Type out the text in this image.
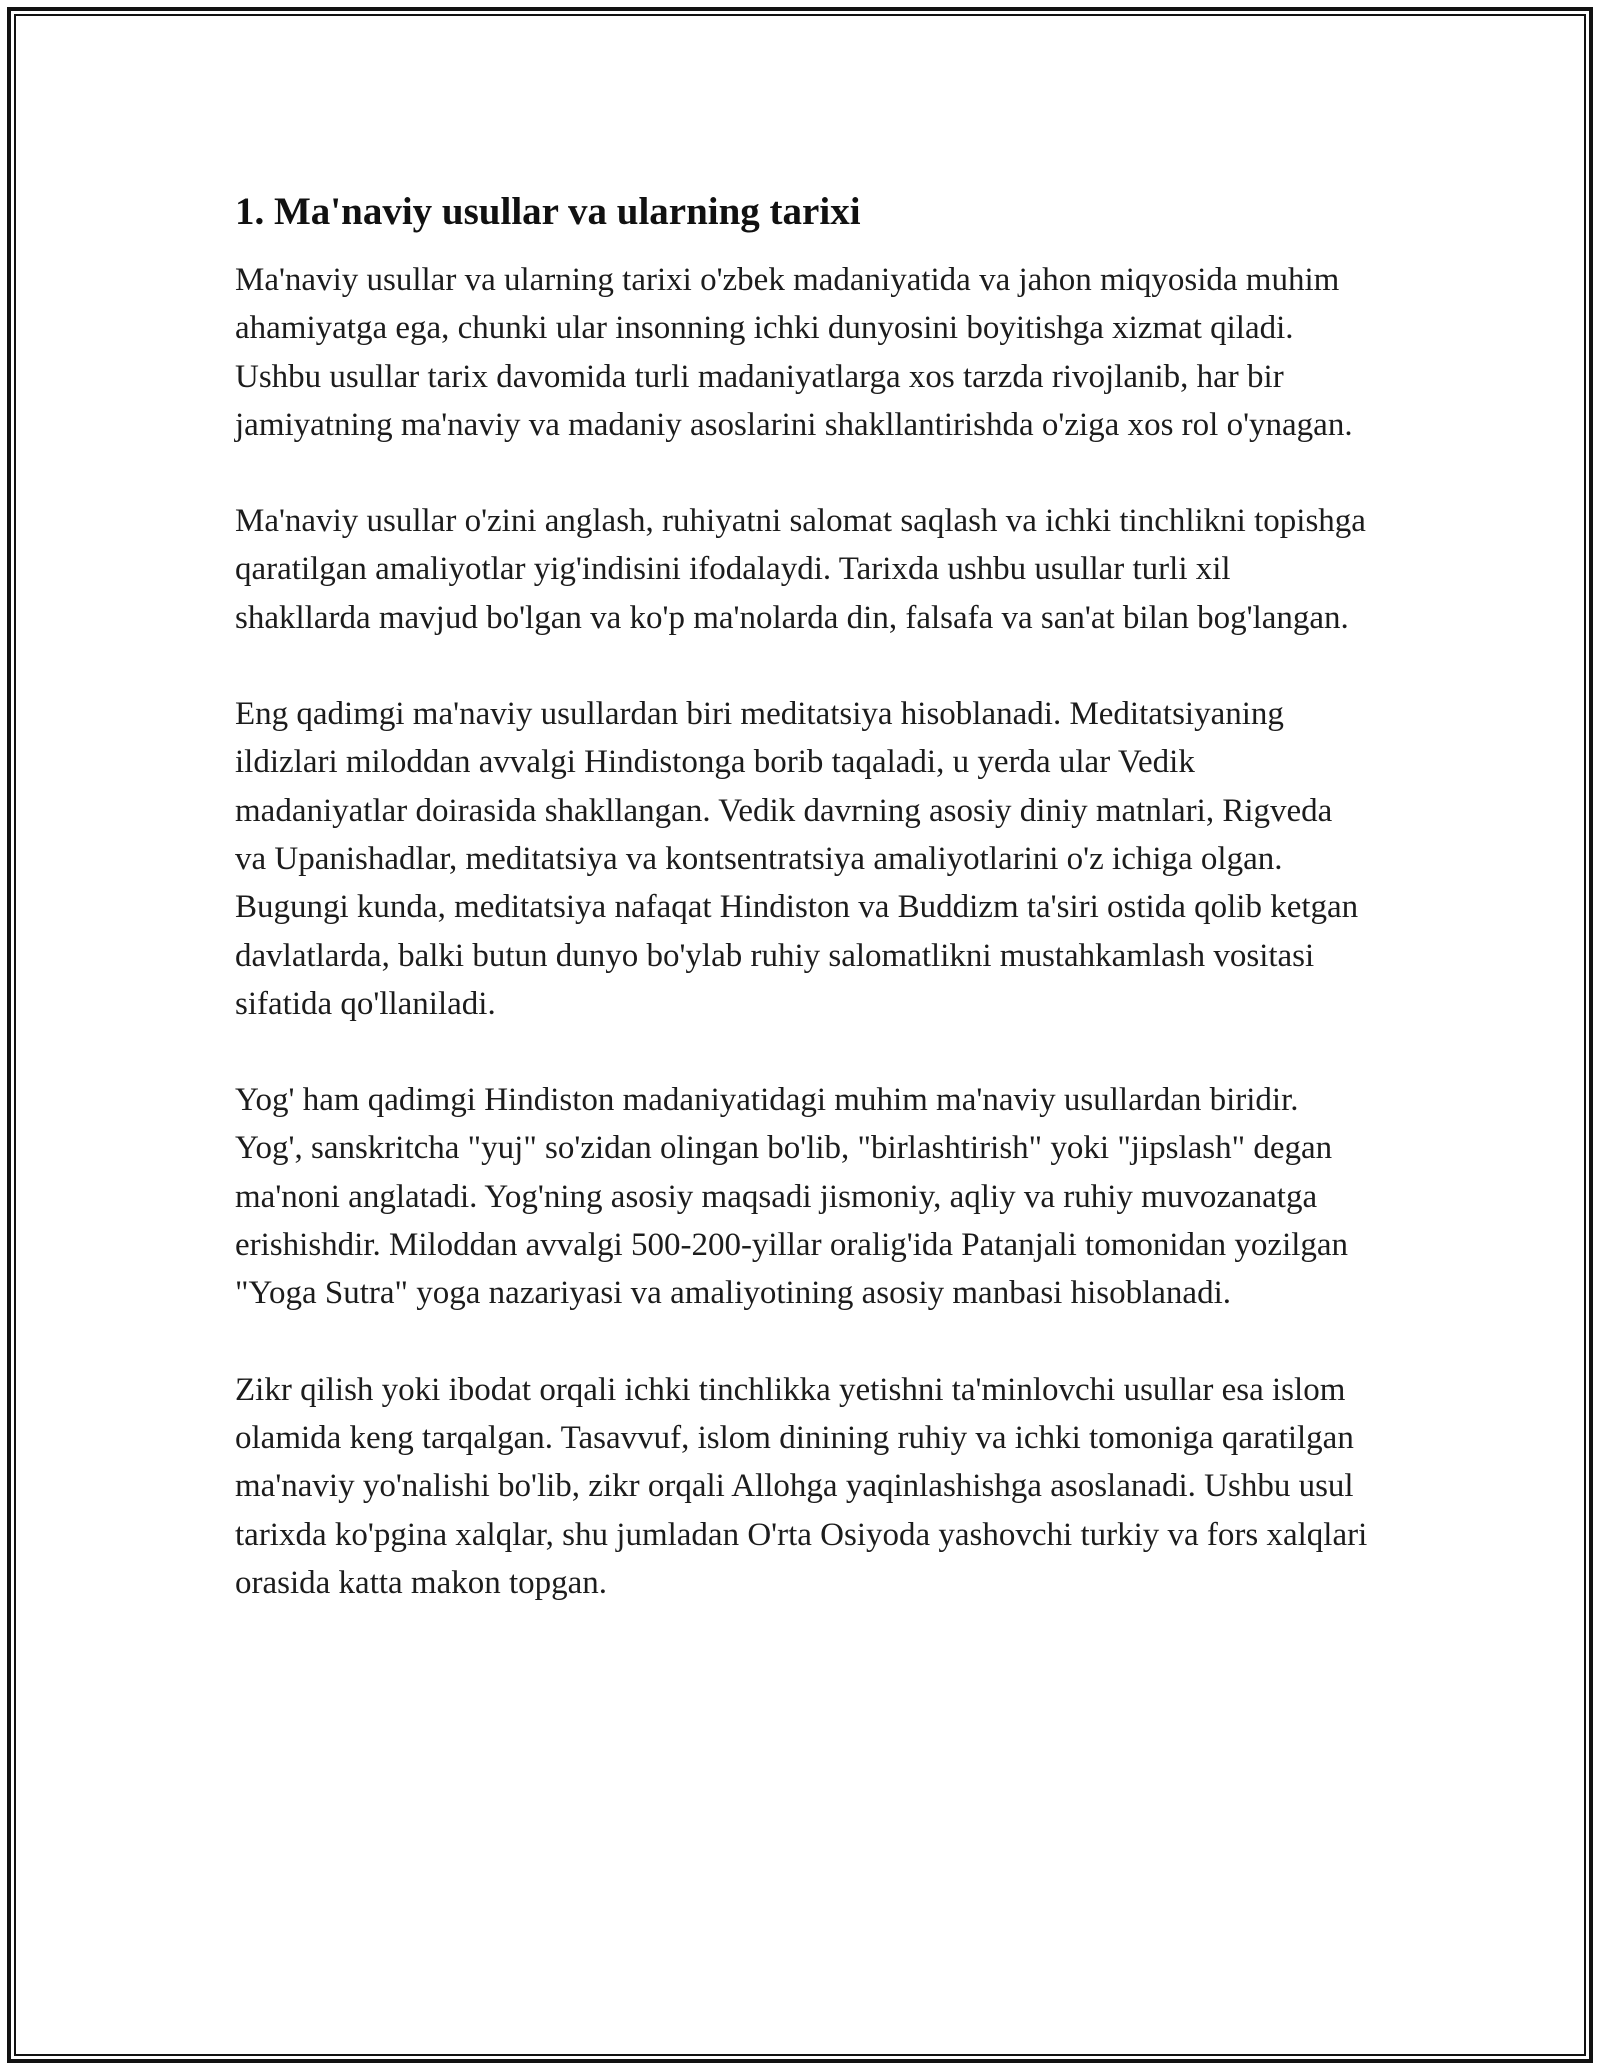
1. Ma'naviy usullar va ularning tarixi

Ma'naviy usullar va ularning tarixi o'zbek madaniyatida va jahon miqyosida muhim ahamiyatga ega, chunki ular insonning ichki dunyosini boyitishga xizmat qiladi. Ushbu usullar tarix davomida turli madaniyatlarga xos tarzda rivojlanib, har bir jamiyatning ma'naviy va madaniy asoslarini shakllantirishda o'ziga xos rol o'ynagan.

Ma'naviy usullar o'zini anglash, ruhiyatni salomat saqlash va ichki tinchlikni topishga qaratilgan amaliyotlar yig'indisini ifodalaydi. Tarixda ushbu usullar turli xil shakllarda mavjud bo'lgan va ko'p ma'nolarda din, falsafa va san'at bilan bog'langan.

Eng qadimgi ma'naviy usullardan biri meditatsiya hisoblanadi. Meditatsiyaning ildizlari miloddan avvalgi Hindistonga borib taqaladi, u yerda ular Vedik madaniyatlar doirasida shakllangan. Vedik davrning asosiy diniy matnlari, Rigveda va Upanishadlar, meditatsiya va kontsentratsiya amaliyotlarini o'z ichiga olgan. Bugungi kunda, meditatsiya nafaqat Hindiston va Buddizm ta'siri ostida qolib ketgan davlatlarda, balki butun dunyo bo'ylab ruhiy salomatlikni mustahkamlash vositasi sifatida qo'llaniladi.

Yog' ham qadimgi Hindiston madaniyatidagi muhim ma'naviy usullardan biridir. Yog', sanskritcha "yuj" so'zidan olingan bo'lib, "birlashtirish" yoki "jipslash" degan ma'noni anglatadi. Yog'ning asosiy maqsadi jismoniy, aqliy va ruhiy muvozanatga erishishdir. Miloddan avvalgi 500-200-yillar oralig'ida Patanjali tomonidan yozilgan "Yoga Sutra" yoga nazariyasi va amaliyotining asosiy manbasi hisoblanadi.

Zikr qilish yoki ibodat orqali ichki tinchlikka yetishni ta'minlovchi usullar esa islom olamida keng tarqalgan. Tasavvuf, islom dinining ruhiy va ichki tomoniga qaratilgan ma'naviy yo'nalishi bo'lib, zikr orqali Allohga yaqinlashishga asoslanadi. Ushbu usul tarixda ko'pgina xalqlar, shu jumladan O'rta Osiyoda yashovchi turkiy va fors xalqlari orasida katta makon topgan.
